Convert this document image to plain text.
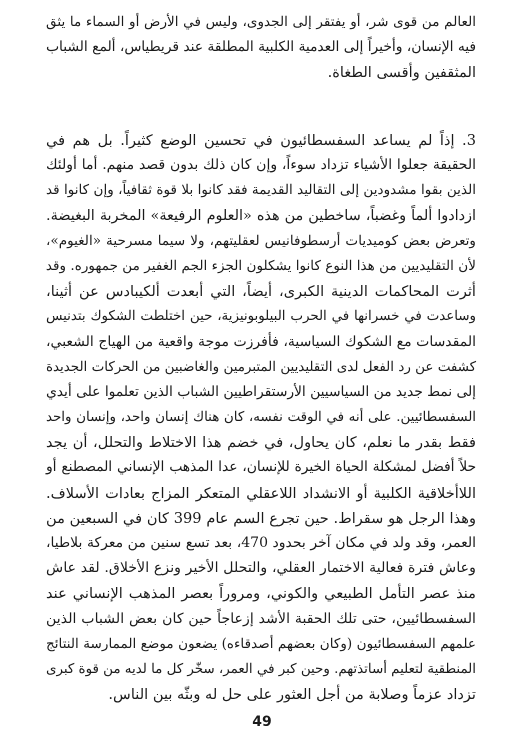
العالم من قوى شر، أو يفتقر إلى الجدوى، وليس في الأرض أو السماء ما يثق
فيه الإنسان، وأخيراً إلى العدمية الكلبية المطلقة عند قريطياس، ألمع الشباب
المثقفين وأقسى الطغاة.
3. إذاً لم يساعد السفسطائيون في تحسين الوضع كثيراً. بل هم في
الحقيقة جعلوا الأشياء تزداد سوءاً، وإن كان ذلك بدون قصد منهم. أما أولئك
الذين بقوا مشدودين إلى التقاليد القديمة فقد كانوا بلا قوة ثقافياً، وإن كانوا قد
ازدادوا ألماً وغضباً، ساخطين من هذه «العلوم الرفيعة» المخربة البغيضة.
وتعرض بعض كوميديات أرسطوفانيس لعقليتهم، ولا سيما مسرحية «الغيوم»،
لأن التقليديين من هذا النوع كانوا يشكلون الجزء الجم الغفير من جمهوره. وقد
أثرت المحاكمات الدينية الكبرى، أيضاً، التي أبعدت ألكيبادس عن أثينا،
وساعدت في خسرانها في الحرب البيلوبونيزية، حين اختلطت الشكوك بتدنيس
المقدسات مع الشكوك السياسية، فأفرزت موجة واقعية من الهياج الشعبي،
كشفت عن رد الفعل لدى التقليديين المتبرمين والغاضبين من الحركات الجديدة
إلى نمط جديد من السياسيين الأرستقراطيين الشباب الذين تعلموا على أيدي
السفسطائيين. على أنه في الوقت نفسه، كان هناك إنسان واحد، وإنسان واحد
فقط بقدر ما نعلم، كان يحاول، في خضم هذا الاختلاط والتحلل، أن يجد
حلاً أفضل لمشكلة الحياة الخيرة للإنسان، عدا المذهب الإنساني المصطنع أو
اللاأخلاقية الكلبية أو الانشداد اللاعقلي المتعكر المزاج بعادات الأسلاف.
وهذا الرجل هو سقراط. حين تجرع السم عام 399 كان في السبعين من
العمر، وقد ولد في مكان آخر بحدود 470، بعد تسع سنين من معركة بلاطيا،
وعاش فترة فعالية الاختمار العقلي، والتحلل الأخير ونزع الأخلاق. لقد عاش
منذ عصر التأمل الطبيعي والكوني، ومروراً بعصر المذهب الإنساني عند
السفسطائيين، حتى تلك الحقبة الأشد إزعاجاً حين كان بعض الشباب الذين
علمهم السفسطائيون (وكان بعضهم أصدقاءه) يضعون موضع الممارسة النتائج
المنطقية لتعليم أساتذتهم. وحين كبر في العمر، سخّر كل ما لديه من قوة كبرى
تزداد عزماً وصلابة من أجل العثور على حل له وبثّه بين الناس.
49
